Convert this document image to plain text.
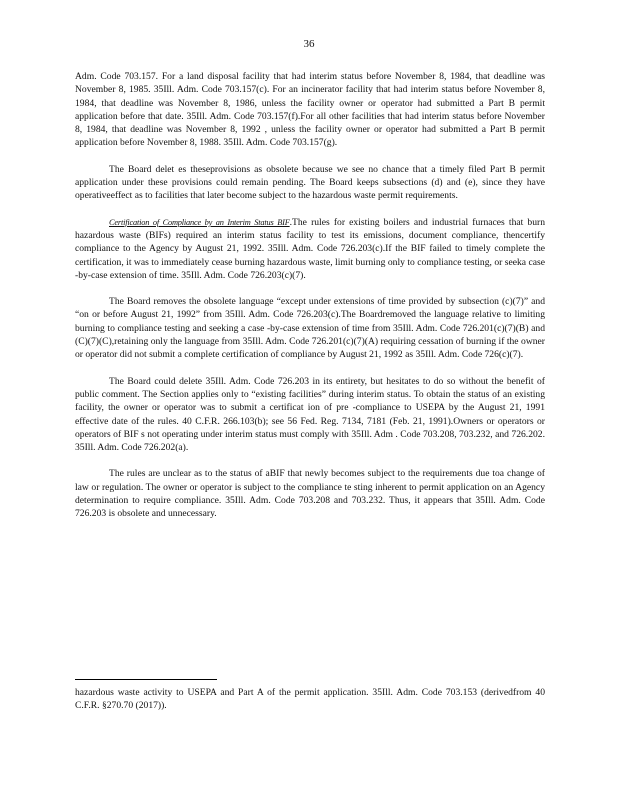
36

Adm. Code 703.157. For a land disposal facility that had interim status before November 8, 1984, that deadline was November 8, 1985. 35Ill. Adm. Code 703.157(c). For an incinerator facility that had interim status before November 8, 1984, that deadline was November 8, 1986, unless the facility owner or operator had submitted a Part B permit application before that date. 35Ill. Adm. Code 703.157(f).For all other facilities that had interim status before November 8, 1984, that deadline was November 8, 1992 , unless the facility owner or operator had submitted a Part B permit application before November 8, 1988. 35Ill. Adm. Code 703.157(g).

The Board delet es theseprovisions as obsolete because we see no chance that a timely filed Part B permit application under these provisions could remain pending. The Board keeps subsections (d) and (e), since they have operativeeffect as to facilities that later become subject to the hazardous waste permit requirements.

Certification of Compliance by an Interim Status BIF.The rules for existing boilers and industrial furnaces that burn hazardous waste (BIFs) required an interim status facility to test its emissions, document compliance, thencertify compliance to the Agency by August 21, 1992. 35Ill. Adm. Code 726.203(c).If the BIF failed to timely complete the certification, it was to immediately cease burning hazardous waste, limit burning only to compliance testing, or seeka case -by-case extension of time. 35Ill. Adm. Code 726.203(c)(7).

The Board removes the obsolete language “except under extensions of time provided by subsection (c)(7)” and “on or before August 21, 1992” from 35Ill. Adm. Code 726.203(c).The Boardremoved the language relative to limiting burning to compliance testing and seeking a case -by-case extension of time from 35Ill. Adm. Code 726.201(c)(7)(B) and (C)(7)(C),retaining only the language from 35Ill. Adm. Code 726.201(c)(7)(A) requiring cessation of burning if the owner or operator did not submit a complete certification of compliance by August 21, 1992 as 35Ill. Adm. Code 726(c)(7).

The Board could delete 35Ill. Adm. Code 726.203 in its entirety, but hesitates to do so without the benefit of public comment. The Section applies only to “existing facilities” during interim status. To obtain the status of an existing facility, the owner or operator was to submit a certificat ion of pre -compliance to USEPA by the August 21, 1991 effective date of the rules. 40 C.F.R. 266.103(b); see 56 Fed. Reg. 7134, 7181 (Feb. 21, 1991).Owners or operators or operators of BIF s not operating under interim status must comply with 35Ill. Adm . Code 703.208, 703.232, and 726.202. 35Ill. Adm. Code 726.202(a).

The rules are unclear as to the status of aBIF that newly becomes subject to the requirements due toa change of law or regulation. The owner or operator is subject to the compliance te sting inherent to permit application on an Agency determination to require compliance. 35Ill. Adm. Code 703.208 and 703.232. Thus, it appears that 35Ill. Adm. Code 726.203 is obsolete and unnecessary.

hazardous waste activity to USEPA and Part A of the permit application. 35Ill. Adm. Code 703.153 (derivedfrom 40 C.F.R. §270.70 (2017)).
